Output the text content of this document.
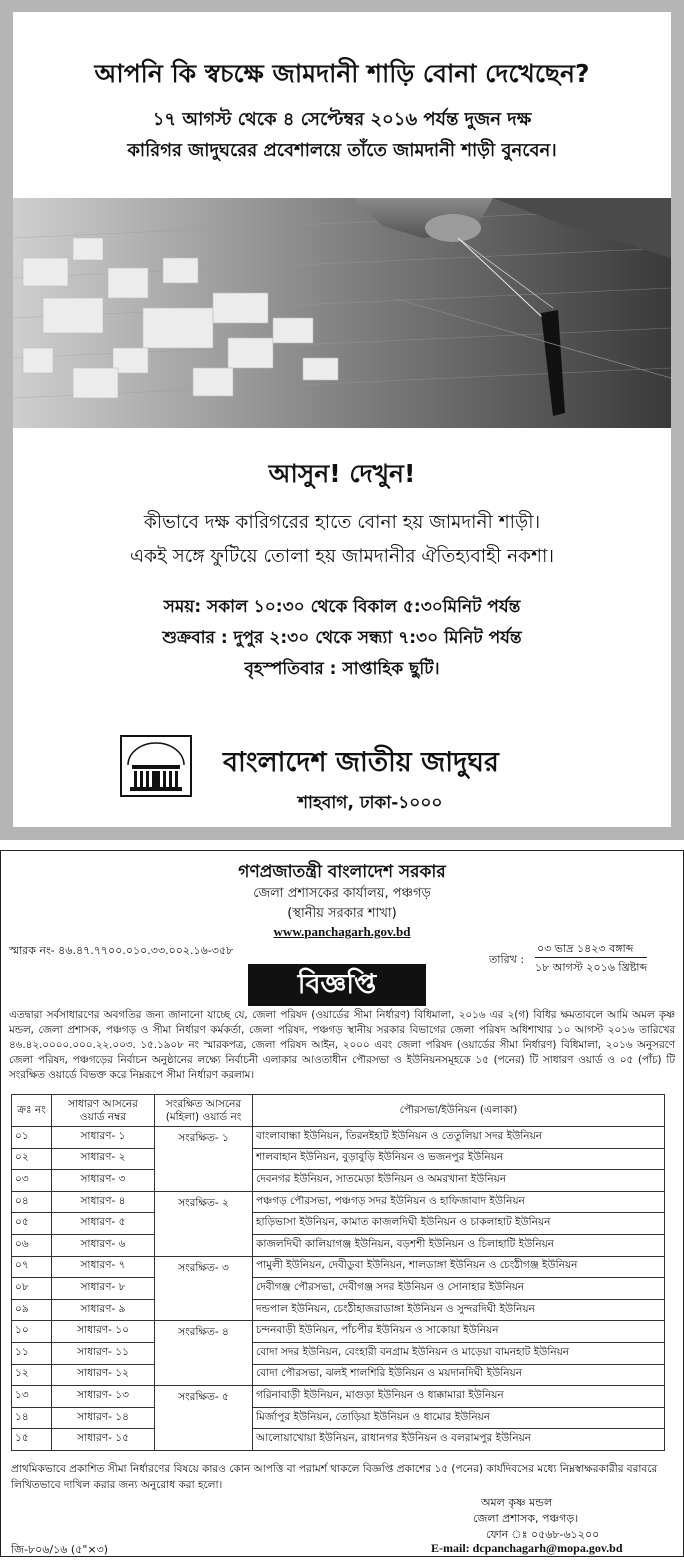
আপনি কি স্বচক্ষে জামদানী শাড়ি বোনা দেখেছেন?
১৭ আগস্ট থেকে ৪ সেপ্টেম্বর ২০১৬ পর্যন্ত দুজন দক্ষ
কারিগর জাদুঘরের প্রবেশালয়ে তাঁতে জামদানী শাড়ী বুনবেন।
আসুন! দেখুন!
কীভাবে দক্ষ কারিগরের হাতে বোনা হয় জামদানী শাড়ী।
একই সঙ্গে ফুটিয়ে তোলা হয় জামদানীর ঐতিহ্যবাহী নকশা।
সময়: সকাল ১০:৩০ থেকে বিকাল ৫:৩০মিনিট পর্যন্ত
শুক্রবার : দুপুর ২:৩০ থেকে সন্ধ্যা ৭:৩০ মিনিট পর্যন্ত
বৃহস্পতিবার : সাপ্তাহিক ছুটি।
বাংলাদেশ জাতীয় জাদুঘর
শাহবাগ, ঢাকা-১০০০
গণপ্রজাতন্ত্রী বাংলাদেশ সরকার
জেলা প্রশাসকের কার্যালয়, পঞ্চগড়
(স্থানীয় সরকার শাখা)
www.panchagarh.gov.bd
স্মারক নং- ৪৬.৪৭.৭৭০০.০১০.৩৩.০০২.১৬-৩৫৮
তারিখ :
০৩ ভাদ্র ১৪২৩ বঙ্গাব্দ
১৮ আগস্ট ২০১৬ খ্রিষ্টাব্দ
বিজ্ঞপ্তি
এতদ্বারা সর্বসাধারণের অবগতির জন্য জানানো যাচ্ছে যে, জেলা পরিষদ (ওয়ার্ডের সীমা নির্ধারণ) বিধিমালা, ২০১৬ এর ২(গ) বিধির ক্ষমতাবলে আমি অমল কৃষ্ণ মন্ডল, জেলা প্রশাসক, পঞ্চগড় ও সীমা নির্ধারণ কর্মকর্তা, জেলা পরিষদ, পঞ্চগড় স্থানীয় সরকার বিভাগের জেলা পরিষদ অধিশাখার ১০ আগস্ট ২০১৬ তারিখের ৪৬.৪২.০০০০.০০০.২২.০০৩. ১৫.১৯০৮ নং স্মারকপত্র, জেলা পরিষদ আইন, ২০০০ এবং জেলা পরিষদ (ওয়ার্ডের সীমা নির্ধারণ) বিধিমালা, ২০১৬ অনুসরণে জেলা পরিষদ, পঞ্চগড়ের নির্বাচন অনুষ্ঠানের লক্ষ্যে নির্বাচনী এলাকার আওতাধীন পৌরসভা ও ইউনিয়নসমূহকে ১৫ (পনের) টি সাধারণ ওয়ার্ড ও ০৫ (পাঁচ) টি সংরক্ষিত ওয়ার্ডে বিভক্ত করে নিম্নরূপে সীমা নির্ধারণ করলাম।
ক্রঃ নং	সাধারণ আসনের ওয়ার্ড নম্বর	সংরক্ষিত আসনের (মহিলা) ওয়ার্ড নং	পৌরসভা/ইউনিয়ন (এলাকা)
০১	সাধারণ- ১	সংরক্ষিত- ১	বাংলাবান্ধা ইউনিয়ন, তিরনইহাট ইউনিয়ন ও তেতুলিয়া সদর ইউনিয়ন
০২	সাধারণ- ২		শালবাহান ইউনিয়ন, বুড়াবুড়ি ইউনিয়ন ও ভজনপুর ইউনিয়ন
০৩	সাধারণ- ৩		দেবনগর ইউনিয়ন, সাতমেড়া ইউনিয়ন ও অমরখানা ইউনিয়ন
০৪	সাধারণ- ৪	সংরক্ষিত- ২	পঞ্চগড় পৌরসভা, পঞ্চগড় সদর ইউনিয়ন ও হাফিজাবাদ ইউনিয়ন
০৫	সাধারণ- ৫		হাড়িভাসা ইউনিয়ন, কামাত কাজলদিঘী ইউনিয়ন ও চাকলাহাট ইউনিয়ন
০৬	সাধারণ- ৬		কাজলদিঘী কালিয়াগঞ্জ ইউনিয়ন, বড়শশী ইউনিয়ন ও চিলাহাটি ইউনিয়ন
০৭	সাধারণ- ৭	সংরক্ষিত- ৩	পামুলী ইউনিয়ন, দেবীডুবা ইউনিয়ন, শালডাঙ্গা ইউনিয়ন ও চেংঠীগঞ্জ ইউনিয়ন
০৮	সাধারণ- ৮		দেবীগঞ্জ পৌরসভা, দেবীগঞ্জ সদর ইউনিয়ন ও সোনাহার ইউনিয়ন
০৯	সাধারণ- ৯		দন্ডপাল ইউনিয়ন, চেংঠীহাজরাডাঙ্গা ইউনিয়ন ও সুন্দরদিঘী ইউনিয়ন
১০	সাধারণ- ১০	সংরক্ষিত- ৪	চন্দনবাড়ী ইউনিয়ন, পাঁচপীর ইউনিয়ন ও সাকোয়া ইউনিয়ন
১১	সাধারণ- ১১		বোদা সদর ইউনিয়ন, বেংহারী বনগ্রাম ইউনিয়ন ও মাড়েয়া বামনহাট ইউনিয়ন
১২	সাধারণ- ১২		বোদা পৌরসভা, ঝলই শালশিরি ইউনিয়ন ও ময়দানদিঘী ইউনিয়ন
১৩	সাধারণ- ১৩	সংরক্ষিত- ৫	গরিনাবাড়ী ইউনিয়ন, মাগুড়া ইউনিয়ন ও ধাক্কামারা ইউনিয়ন
১৪	সাধারণ- ১৪		মির্জাপুর ইউনিয়ন, তোড়িয়া ইউনিয়ন ও ধামোর ইউনিয়ন
১৫	সাধারণ- ১৫		আলোয়াখোয়া ইউনিয়ন, রাধানগর ইউনিয়ন ও বলরামপুর ইউনিয়ন
প্রাথমিকভাবে প্রকাশিত সীমা নির্ধারণের বিষয়ে কারও কোন আপত্তি বা পরামর্শ থাকলে বিজ্ঞপ্তি প্রকাশের ১৫ (পনের) কার্যদিবসের মধ্যে নিম্নস্বাক্ষরকারীর বরাবরে লিখিতভাবে দাখিল করার জন্য অনুরোধ করা হলো।
অমল কৃষ্ণ মন্ডল
জেলা প্রশাসক, পঞ্চগড়।
ফোন ঃ ০৫৬৮-৬১২০০
জি-৮০৬/১৬ (৫"×৩)	E-mail: dcpanchagarh@mopa.gov.bd
